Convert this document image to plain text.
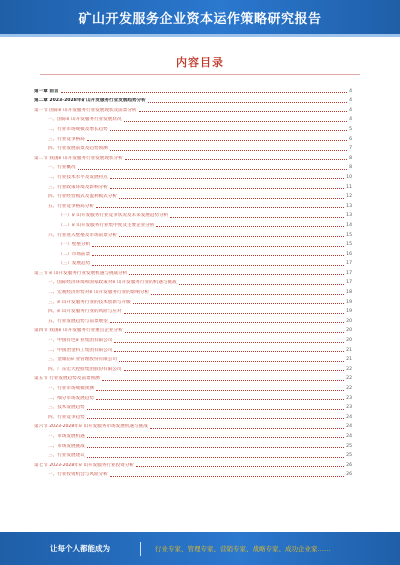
矿山开发服务企业资本运作策略研究报告
内容目录
第一章 前言	4
第二章 2023-2028年矿山开发服务行业发展趋势分析	4
第一节 国际矿山开发服务行业发展现状及前景分析	4
一、国际矿山开发服务行业发展状况	4
二、行业市场规模及增长趋势	5
三、行业竞争格局	6
四、行业发展前景及趋势预测	7
第二节 我国矿山开发服务行业发展现状分析	8
一、行业概况	8
二、行业技术水平及发展特点	10
三、行业政策环境及影响分析	11
四、行业经营模式及盈利模式分析	12
五、行业竞争格局分析	13
（一）矿山开发服务行业竞争状况及未来发展趋势分析	13
（二）矿山开发服务行业集中度及主要企业分析	14
六、行业进入壁垒及市场前景分析	15
（一）壁垒分析	15
（二）市场前景	16
（三）发展趋势	17
第三节 矿山开发服务行业发展机遇与挑战分析	17
一、国际经济环境和国家政策对矿山开发服务行业的机遇与挑战	17
二、宏观经济形势对矿山开发服务行业的影响分析	18
三、矿山开发服务行业的技术创新与升级	19
四、矿山开发服务行业的风险与应对	19
五、行业发展趋势与前景展望	20
第四节 我国矿山开发服务行业重点企业分析	20
一、中国有色矿业集团有限公司	20
二、中国冶金科工集团有限公司	21
三、金诚信矿业管理股份有限公司	21
四、广东宏大控股集团股份有限公司	22
第五节 行业发展趋势及前景预测	22
一、行业市场规模预测	22
二、细分市场发展趋势	23
三、技术发展趋势	23
四、行业竞争趋势	24
第六节 2023-2028年矿山开发服务市场发展机遇与挑战	24
一、市场发展机遇	24
二、市场发展挑战	25
三、行业发展建议	25
第七节 2023-2028年矿山开发服务行业投资分析	26
一、行业投资机会与风险分析	26
让每个人都能成为	行业专家、管理专家、营销专家、战略专家、成功企业家……
